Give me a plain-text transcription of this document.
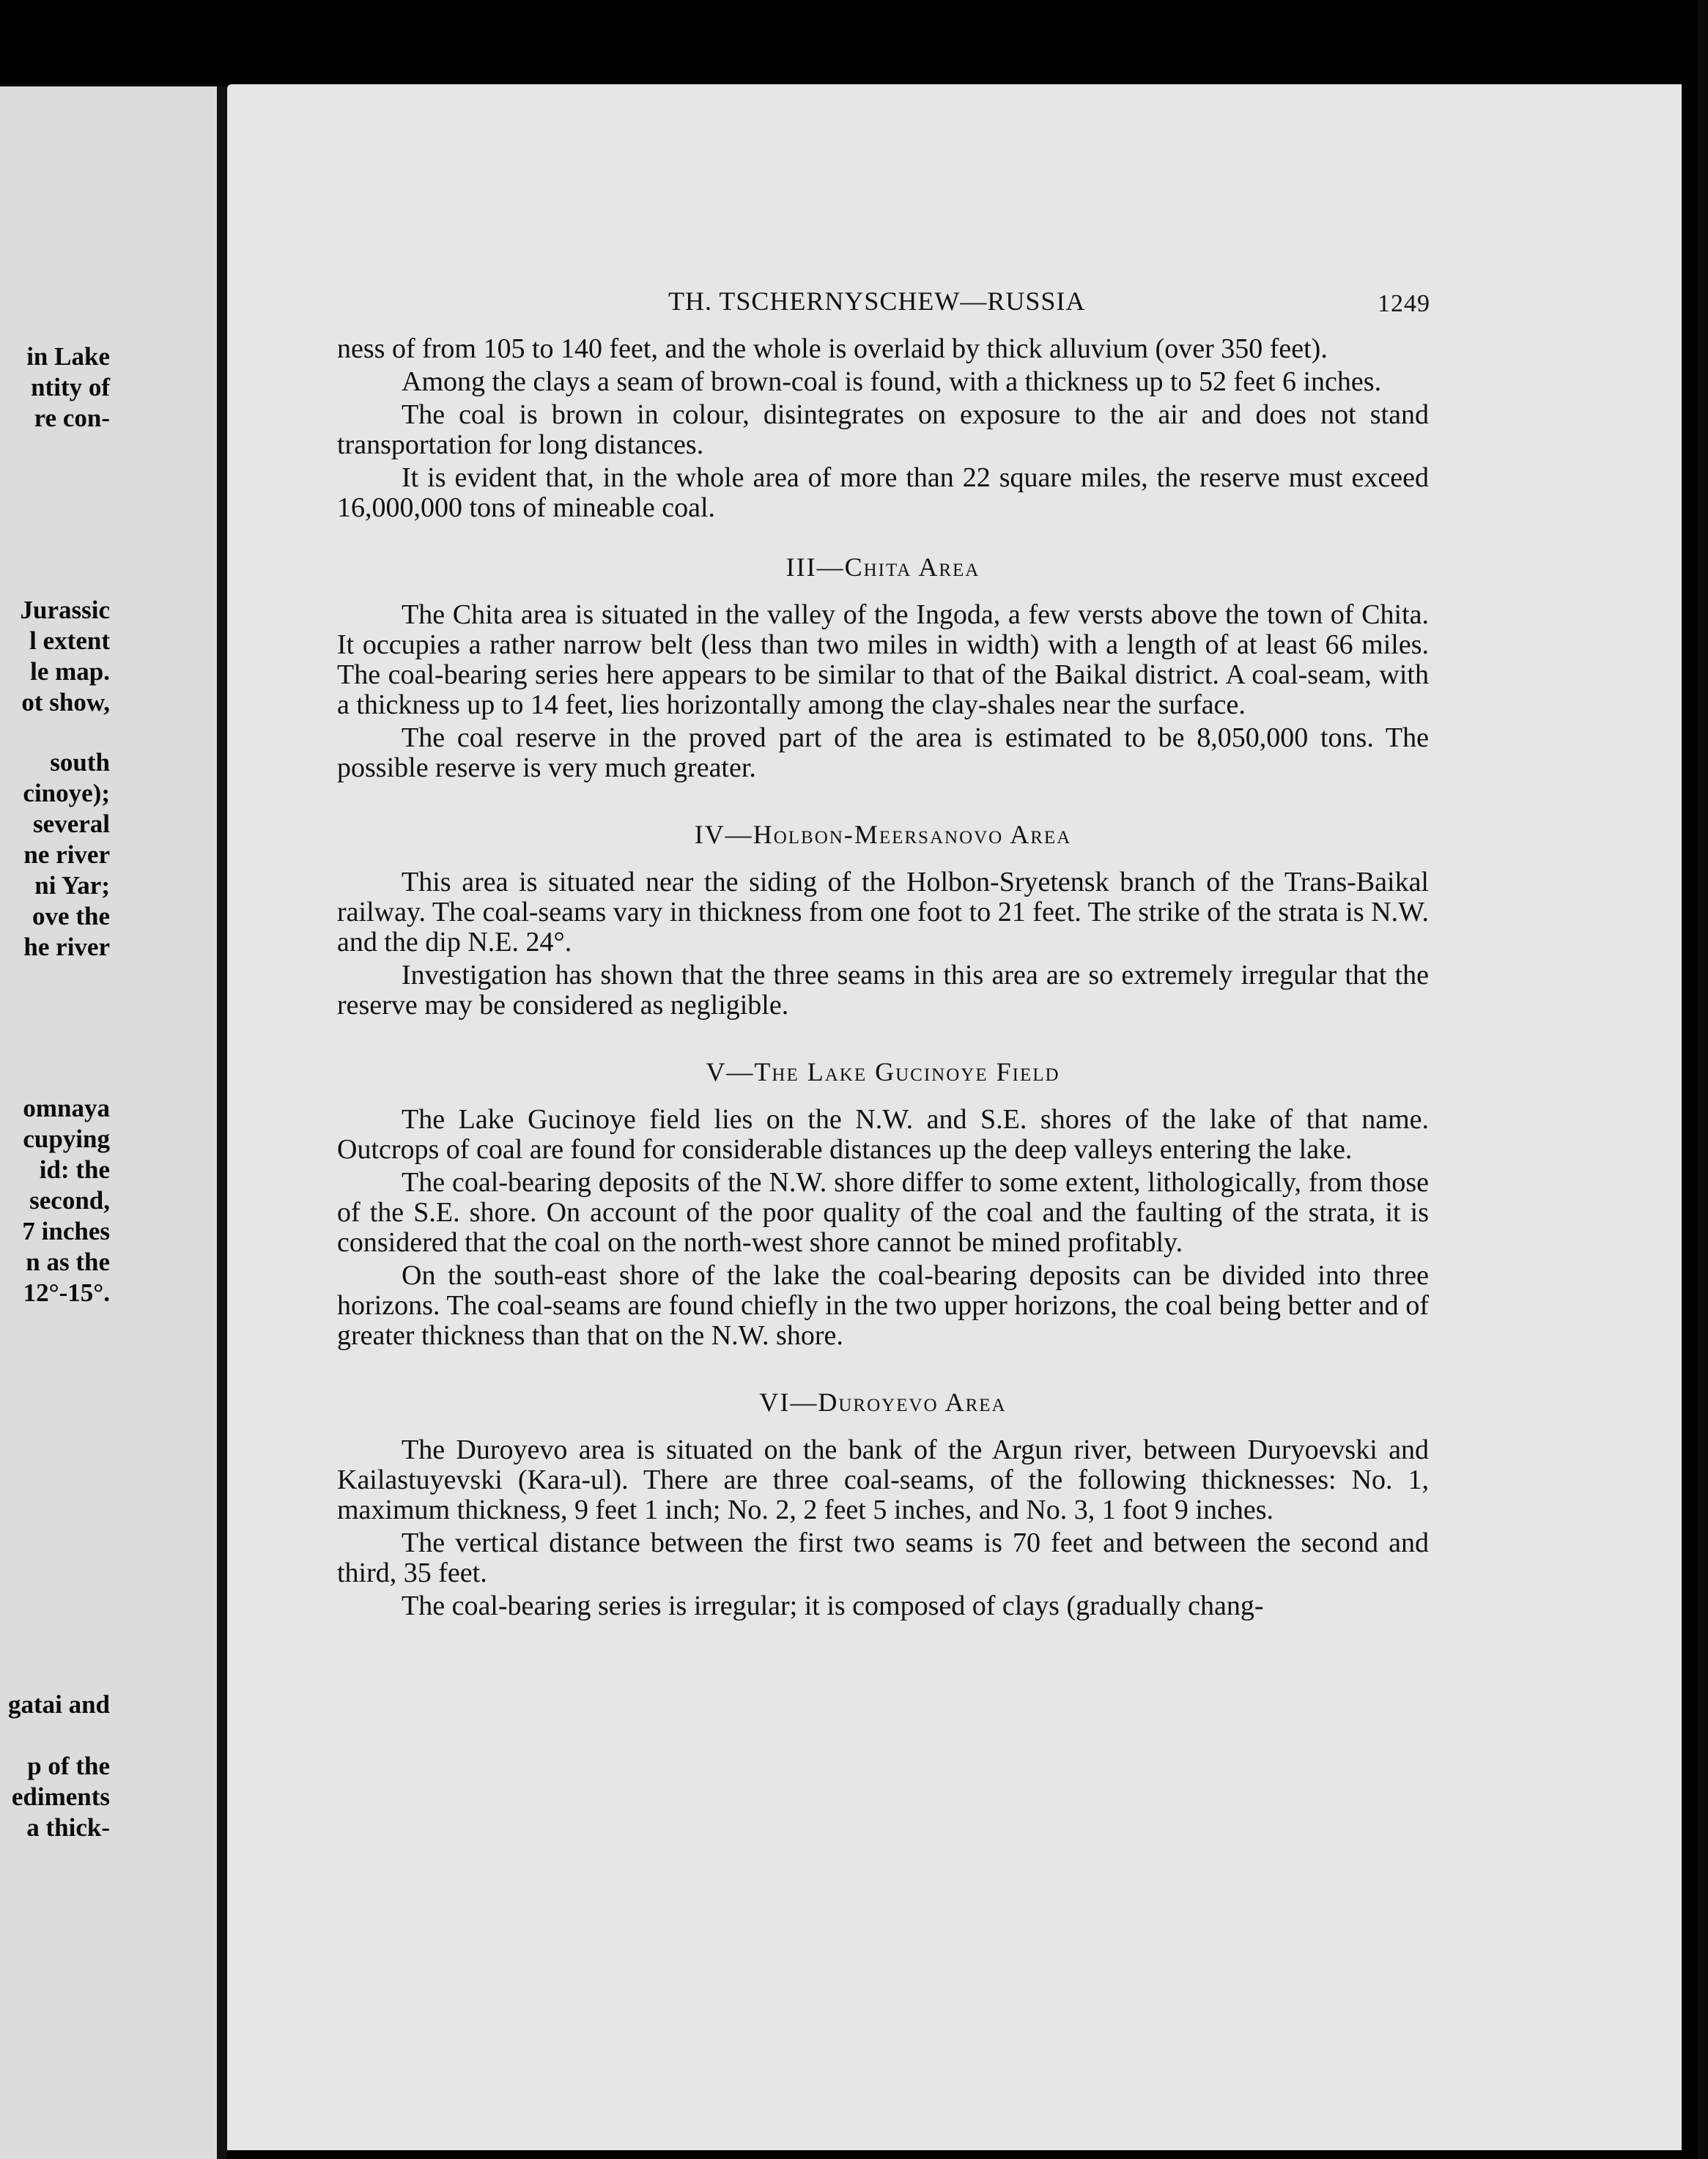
in Lake
ntity of
re con-
Jurassic
l extent
le map.
ot show,
south
cinoye);
several
ne river
ni Yar;
ove the
he river
omnaya
cupying
id: the
second,
7 inches
n as the
12°-15°.
gatai and
p of the
ediments
a thick-
TH. TSCHERNYSCHEW—RUSSIA	1249

ness of from 105 to 140 feet, and the whole is overlaid by thick alluvium (over 350 feet).

Among the clays a seam of brown-coal is found, with a thickness up to 52 feet 6 inches.

The coal is brown in colour, disintegrates on exposure to the air and does not stand transportation for long distances.

It is evident that, in the whole area of more than 22 square miles, the reserve must exceed 16,000,000 tons of mineable coal.

III—Chita Area

The Chita area is situated in the valley of the Ingoda, a few versts above the town of Chita. It occupies a rather narrow belt (less than two miles in width) with a length of at least 66 miles. The coal-bearing series here appears to be similar to that of the Baikal district. A coal-seam, with a thickness up to 14 feet, lies horizontally among the clay-shales near the surface.

The coal reserve in the proved part of the area is estimated to be 8,050,000 tons. The possible reserve is very much greater.

IV—Holbon-Meersanovo Area

This area is situated near the siding of the Holbon-Sryetensk branch of the Trans-Baikal railway. The coal-seams vary in thickness from one foot to 21 feet. The strike of the strata is N.W. and the dip N.E. 24°.

Investigation has shown that the three seams in this area are so extremely irregular that the reserve may be considered as negligible.

V—The Lake Gucinoye Field

The Lake Gucinoye field lies on the N.W. and S.E. shores of the lake of that name. Outcrops of coal are found for considerable distances up the deep valleys entering the lake.

The coal-bearing deposits of the N.W. shore differ to some extent, lithologically, from those of the S.E. shore. On account of the poor quality of the coal and the faulting of the strata, it is considered that the coal on the north-west shore cannot be mined profitably.

On the south-east shore of the lake the coal-bearing deposits can be divided into three horizons. The coal-seams are found chiefly in the two upper horizons, the coal being better and of greater thickness than that on the N.W. shore.

VI—Duroyevo Area

The Duroyevo area is situated on the bank of the Argun river, between Duryoevski and Kailastuyevski (Kara-ul). There are three coal-seams, of the following thicknesses: No. 1, maximum thickness, 9 feet 1 inch; No. 2, 2 feet 5 inches, and No. 3, 1 foot 9 inches.

The vertical distance between the first two seams is 70 feet and between the second and third, 35 feet.

The coal-bearing series is irregular; it is composed of clays (gradually chang-
